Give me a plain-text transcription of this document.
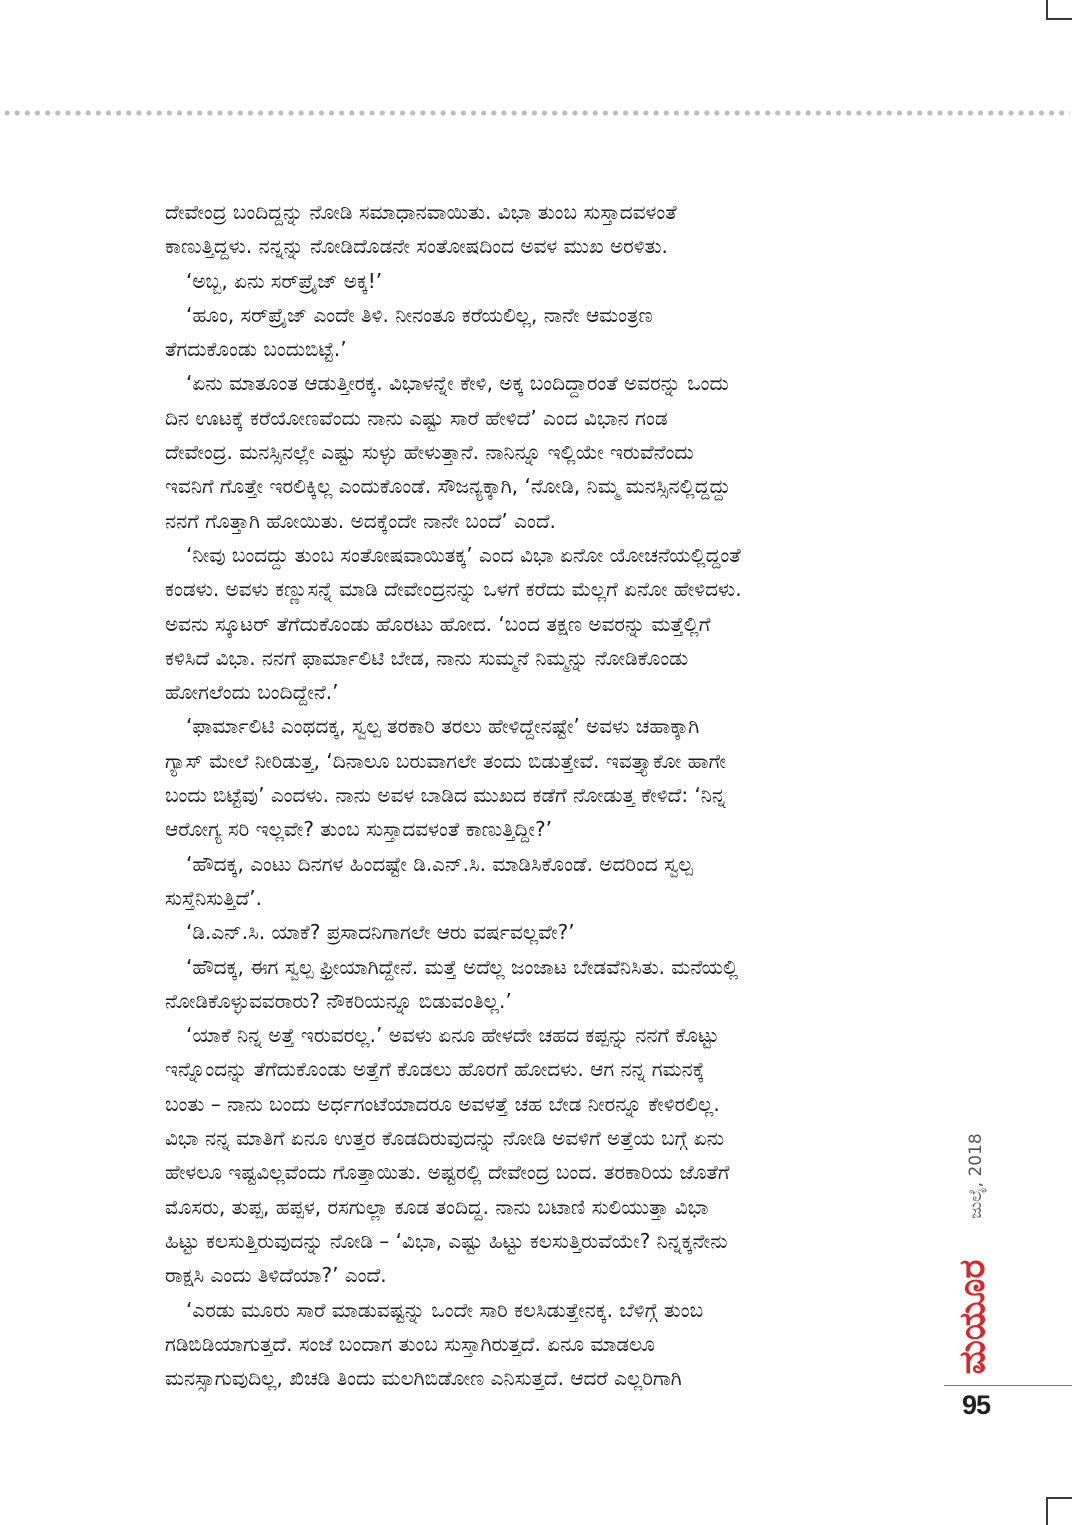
ದೇವೇಂದ್ರ ಬಂದಿದ್ದನ್ನು ನೋಡಿ ಸಮಾಧಾನವಾಯಿತು. ವಿಭಾ ತುಂಬ ಸುಸ್ತಾದವಳಂತೆ
ಕಾಣುತ್ತಿದ್ದಳು. ನನ್ನನ್ನು ನೋಡಿದೊಡನೇ ಸಂತೋಷದಿಂದ ಅವಳ ಮುಖ ಅರಳಿತು.
‘ಅಬ್ಬ, ಏನು ಸರ್‌ಪ್ರೈಜ್ ಅಕ್ಕ!’
‘ಹೂಂ, ಸರ್‌ಪ್ರೈಜ್ ಎಂದೇ ತಿಳಿ. ನೀನಂತೂ ಕರೆಯಲಿಲ್ಲ, ನಾನೇ ಆಮಂತ್ರಣ
ತೆಗದುಕೊಂಡು ಬಂದುಬಿಟ್ಟೆ.’
‘ಏನು ಮಾತೂಂತ ಆಡುತ್ತೀರಕ್ಕ. ವಿಭಾಳನ್ನೇ ಕೇಳಿ, ಅಕ್ಕ ಬಂದಿದ್ದಾರಂತೆ ಅವರನ್ನು ಒಂದು
ದಿನ ಊಟಕ್ಕೆ ಕರೆಯೋಣವೆಂದು ನಾನು ಎಷ್ಟು ಸಾರೆ ಹೇಳಿದೆ’ ಎಂದ ವಿಭಾನ ಗಂಡ
ದೇವೇಂದ್ರ. ಮನಸ್ಸಿನಲ್ಲೇ ಎಷ್ಟು ಸುಳ್ಳು ಹೇಳುತ್ತಾನೆ. ನಾನಿನ್ನೂ ಇಲ್ಲಿಯೇ ಇರುವೆನೆಂದು
ಇವನಿಗೆ ಗೊತ್ತೇ ಇರಲಿಕ್ಕಿಲ್ಲ ಎಂದುಕೊಂಡೆ. ಸೌಜನ್ಯಕ್ಕಾಗಿ, ‘ನೋಡಿ, ನಿಮ್ಮ ಮನಸ್ಸಿನಲ್ಲಿದ್ದದ್ದು
ನನಗೆ ಗೊತ್ತಾಗಿ ಹೋಯಿತು. ಅದಕ್ಕೆಂದೇ ನಾನೇ ಬಂದೆ’ ಎಂದೆ.
‘ನೀವು ಬಂದದ್ದು ತುಂಬ ಸಂತೋಷವಾಯಿತಕ್ಕ’ ಎಂದ ವಿಭಾ ಏನೋ ಯೋಚನೆಯಲ್ಲಿದ್ದಂತೆ
ಕಂಡಳು. ಅವಳು ಕಣ್ಣುಸನ್ನೆ ಮಾಡಿ ದೇವೇಂದ್ರನನ್ನು ಒಳಗೆ ಕರೆದು ಮೆಲ್ಲಗೆ ಏನೋ ಹೇಳಿದಳು.
ಅವನು ಸ್ಕೂಟರ್ ತೆಗೆದುಕೊಂಡು ಹೊರಟು ಹೋದ. ‘ಬಂದ ತಕ್ಷಣ ಅವರನ್ನು ಮತ್ತೆಲ್ಲಿಗೆ
ಕಳಿಸಿದೆ ವಿಭಾ. ನನಗೆ ಫಾರ್ಮಾಲಿಟಿ ಬೇಡ, ನಾನು ಸುಮ್ಮನೆ ನಿಮ್ಮನ್ನು ನೋಡಿಕೊಂಡು
ಹೋಗಲೆಂದು ಬಂದಿದ್ದೇನೆ.’
‘ಫಾರ್ಮಾಲಿಟಿ ಎಂಥದಕ್ಕ, ಸ್ವಲ್ಪ ತರಕಾರಿ ತರಲು ಹೇಳಿದ್ದೇನಷ್ಟೇ’ ಅವಳು ಚಹಾಕ್ಕಾಗಿ
ಗ್ಯಾಸ್ ಮೇಲೆ ನೀರಿಡುತ್ತ, ‘ದಿನಾಲೂ ಬರುವಾಗಲೇ ತಂದು ಬಿಡುತ್ತೇವೆ. ಇವತ್ತ್ಯಾಕೋ ಹಾಗೇ
ಬಂದು ಬಿಟ್ಟೆವು’ ಎಂದಳು. ನಾನು ಅವಳ ಬಾಡಿದ ಮುಖದ ಕಡೆಗೆ ನೋಡುತ್ತ ಕೇಳಿದೆ: ‘ನಿನ್ನ
ಆರೋಗ್ಯ ಸರಿ ಇಲ್ಲವೇ? ತುಂಬ ಸುಸ್ತಾದವಳಂತೆ ಕಾಣುತ್ತಿದ್ದೀ?’
‘ಹೌದಕ್ಕ, ಎಂಟು ದಿನಗಳ ಹಿಂದಷ್ಟೇ ಡಿ.ಎನ್.ಸಿ. ಮಾಡಿಸಿಕೊಂಡೆ. ಅದರಿಂದ ಸ್ವಲ್ಪ
ಸುಸ್ತೆನಿಸುತ್ತಿದೆ’.
‘ಡಿ.ಎನ್.ಸಿ. ಯಾಕೆ? ಪ್ರಸಾದನಿಗಾಗಲೇ ಆರು ವರ್ಷವಲ್ಲವೇ?’
‘ಹೌದಕ್ಕ, ಈಗ ಸ್ವಲ್ಪ ಫ್ರೀಯಾಗಿದ್ದೇನೆ. ಮತ್ತೆ ಅದೆಲ್ಲ ಜಂಜಾಟ ಬೇಡವೆನಿಸಿತು. ಮನೆಯಲ್ಲಿ
ನೋಡಿಕೊಳ್ಳುವವರಾರು? ನೌಕರಿಯನ್ನೂ ಬಿಡುವಂತಿಲ್ಲ.’
‘ಯಾಕೆ ನಿನ್ನ ಅತ್ತೆ ಇರುವರಲ್ಲ.’ ಅವಳು ಏನೂ ಹೇಳದೇ ಚಹದ ಕಪ್ಪನ್ನು ನನಗೆ ಕೊಟ್ಟು
ಇನ್ನೊಂದನ್ನು ತೆಗೆದುಕೊಂಡು ಅತ್ತೆಗೆ ಕೊಡಲು ಹೊರಗೆ ಹೋದಳು. ಆಗ ನನ್ನ ಗಮನಕ್ಕೆ
ಬಂತು – ನಾನು ಬಂದು ಅರ್ಧಗಂಟೆಯಾದರೂ ಅವಳತ್ತೆ ಚಹ ಬೇಡ ನೀರನ್ನೂ ಕೇಳಿರಲಿಲ್ಲ.
ವಿಭಾ ನನ್ನ ಮಾತಿಗೆ ಏನೂ ಉತ್ತರ ಕೊಡದಿರುವುದನ್ನು ನೋಡಿ ಅವಳಿಗೆ ಅತ್ತೆಯ ಬಗ್ಗೆ ಏನು
ಹೇಳಲೂ ಇಷ್ಟವಿಲ್ಲವೆಂದು ಗೊತ್ತಾಯಿತು. ಅಷ್ಟರಲ್ಲಿ ದೇವೇಂದ್ರ ಬಂದ. ತರಕಾರಿಯ ಜೊತೆಗೆ
ಮೊಸರು, ತುಪ್ಪ, ಹಪ್ಪಳ, ರಸಗುಲ್ಲಾ ಕೂಡ ತಂದಿದ್ದ. ನಾನು ಬಟಾಣಿ ಸುಲಿಯುತ್ತಾ ವಿಭಾ
ಹಿಟ್ಟು ಕಲಸುತ್ತಿರುವುದನ್ನು ನೋಡಿ – ‘ವಿಭಾ, ಎಷ್ಟು ಹಿಟ್ಟು ಕಲಸುತ್ತಿರುವೆಯೇ? ನಿನ್ನಕ್ಕನೇನು
ರಾಕ್ಷಸಿ ಎಂದು ತಿಳಿದೆಯಾ?’ ಎಂದೆ.
‘ಎರಡು ಮೂರು ಸಾರೆ ಮಾಡುವಷ್ಟನ್ನು ಒಂದೇ ಸಾರಿ ಕಲಸಿಡುತ್ತೇನಕ್ಕ. ಬೆಳಿಗ್ಗೆ ತುಂಬ
ಗಡಿಬಿಡಿಯಾಗುತ್ತದೆ. ಸಂಜೆ ಬಂದಾಗ ತುಂಬ ಸುಸ್ತಾಗಿರುತ್ತದೆ. ಏನೂ ಮಾಡಲೂ
ಮನಸ್ಸಾಗುವುದಿಲ್ಲ, ಖಿಚಡಿ ತಿಂದು ಮಲಗಿಬಿಡೋಣ ಎನಿಸುತ್ತದೆ. ಆದರೆ ಎಲ್ಲರಿಗಾಗಿ
ಜುಲೈ, 2018
ಮಯೂರ
95
